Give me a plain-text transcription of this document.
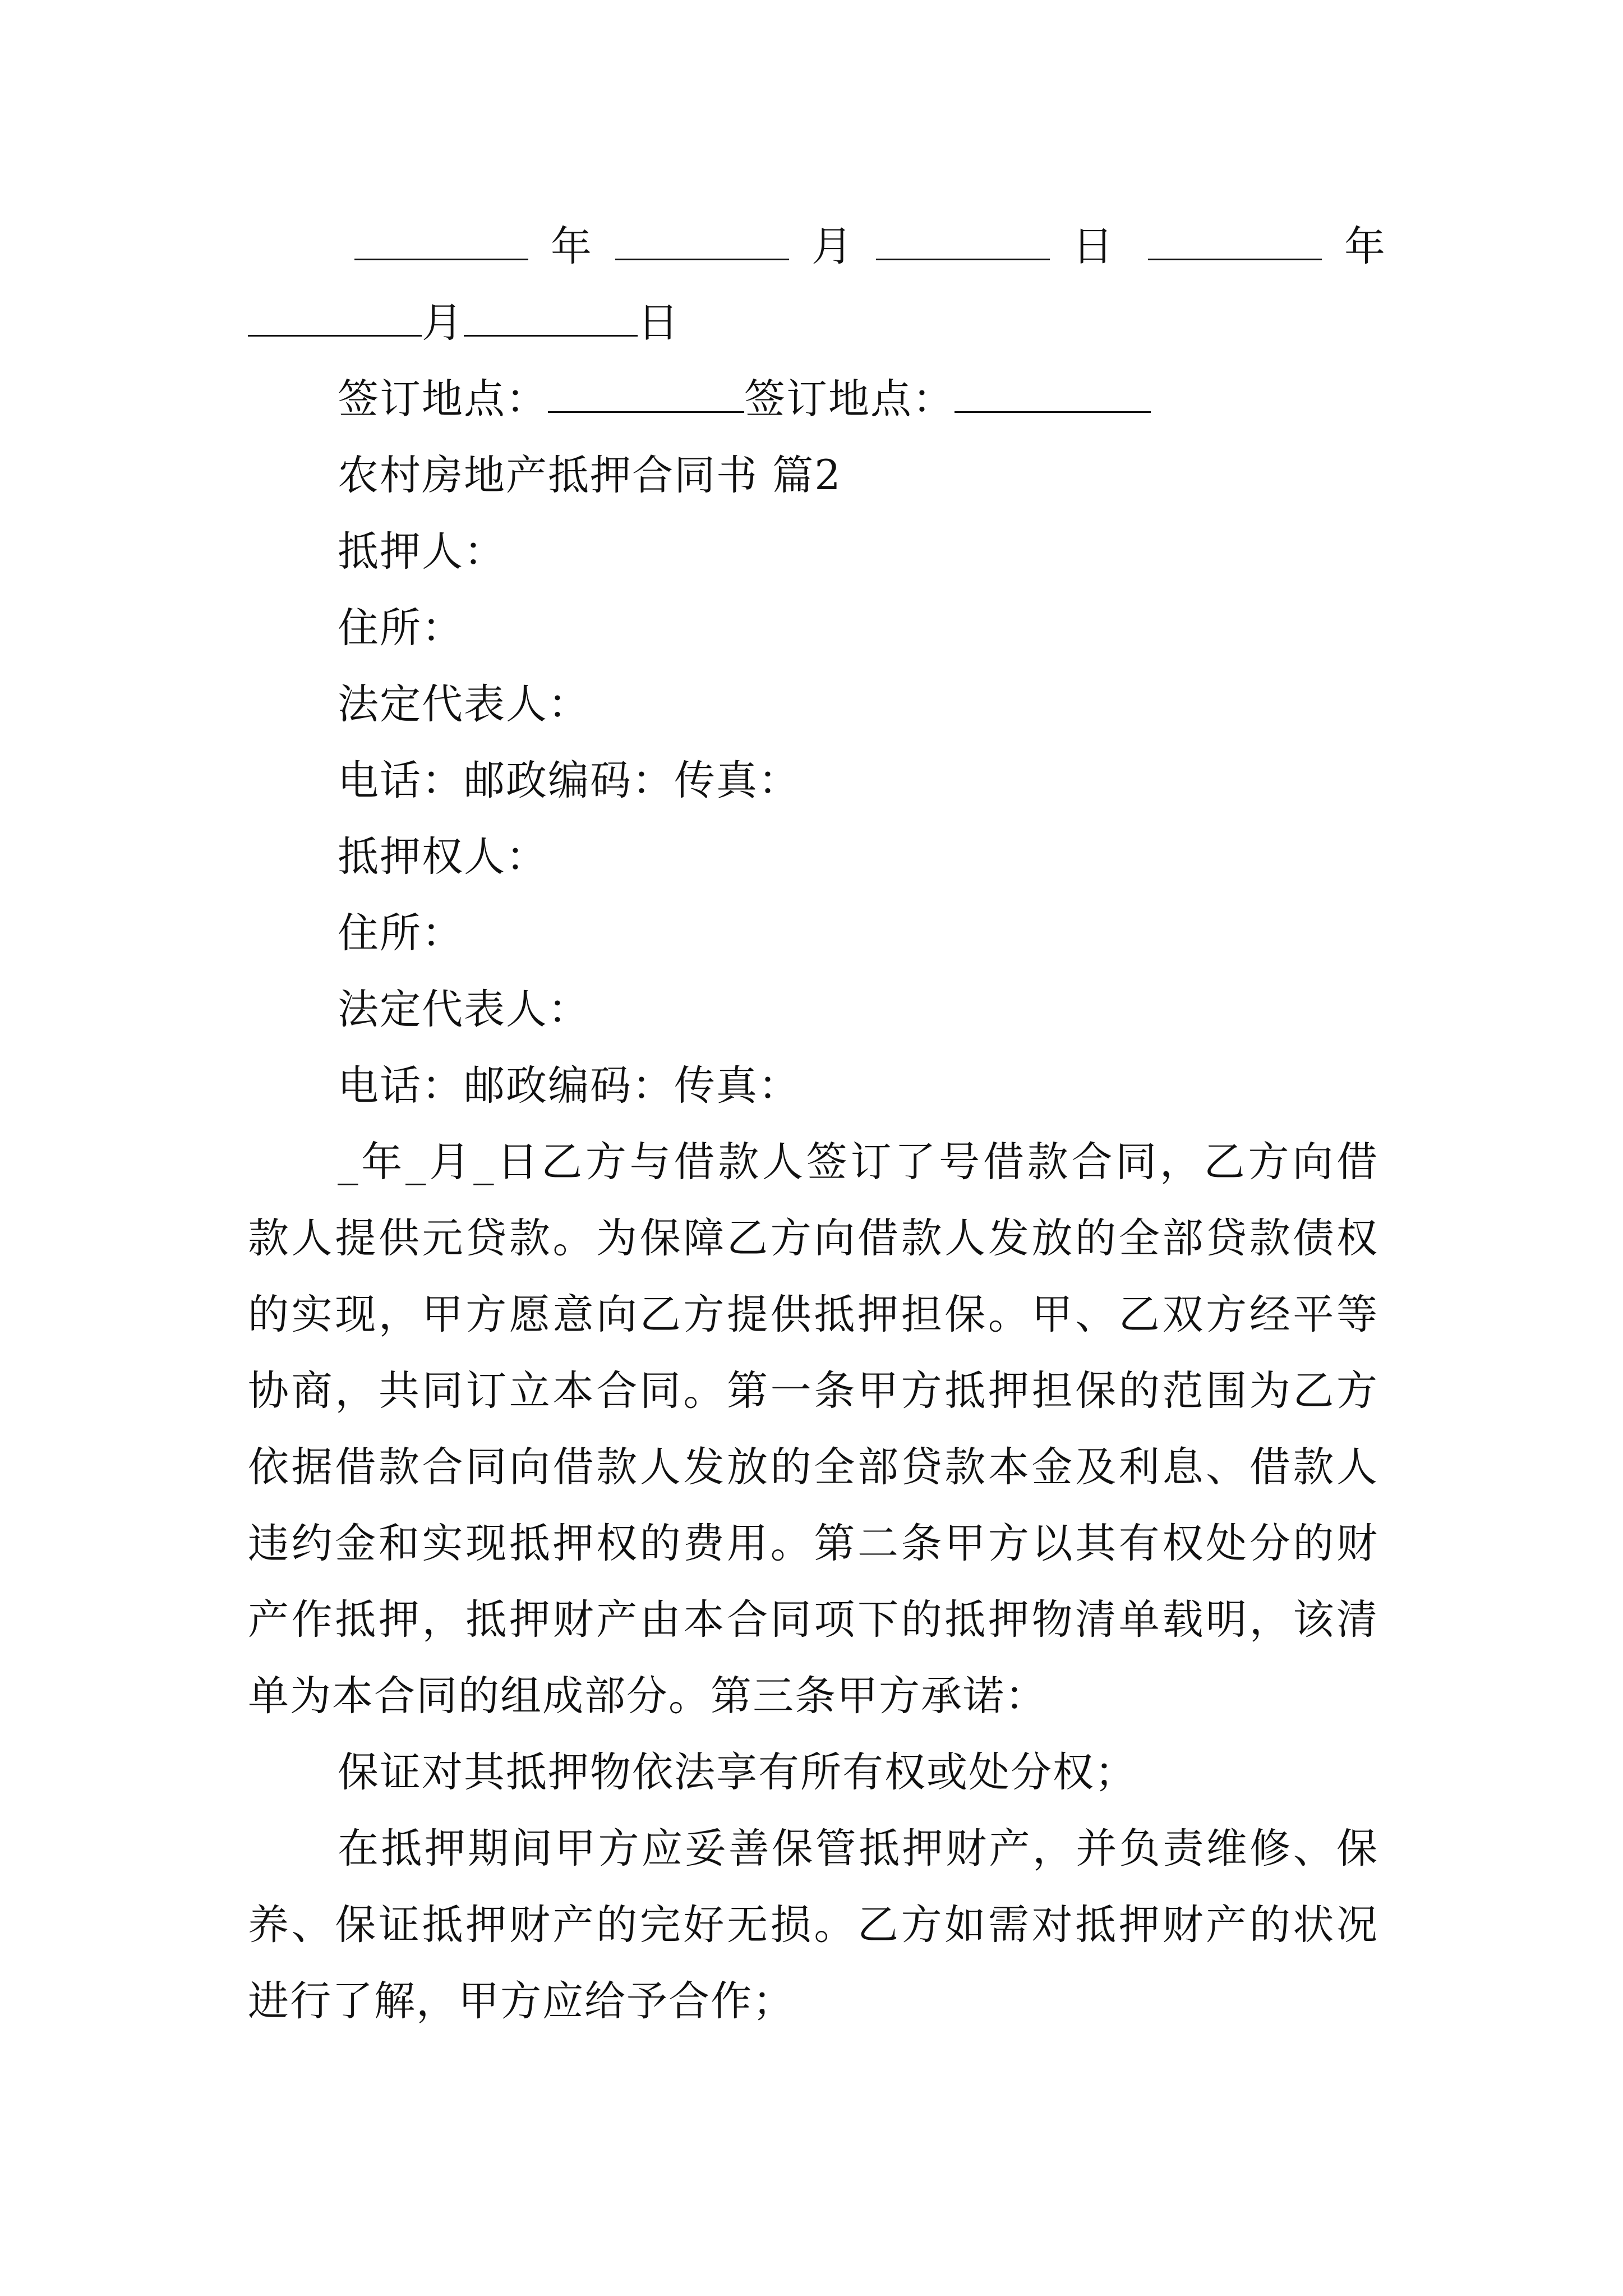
年	月	日	年
月	日
签订地点：	签订地点：
农村房地产抵押合同书 篇2
抵押人：
住所：
法定代表人：
电话：邮政编码：传真：
抵押权人：
住所：
法定代表人：
电话：邮政编码：传真：
_年_月_日乙方与借款人签订了号借款合同，乙方向借
款人提供元贷款。为保障乙方向借款人发放的全部贷款债权
的实现，甲方愿意向乙方提供抵押担保。甲、乙双方经平等
协商，共同订立本合同。第一条甲方抵押担保的范围为乙方
依据借款合同向借款人发放的全部贷款本金及利息、借款人
违约金和实现抵押权的费用。第二条甲方以其有权处分的财
产作抵押，抵押财产由本合同项下的抵押物清单载明，该清
单为本合同的组成部分。第三条甲方承诺：
保证对其抵押物依法享有所有权或处分权；
在抵押期间甲方应妥善保管抵押财产，并负责维修、保
养、保证抵押财产的完好无损。乙方如需对抵押财产的状况
进行了解，甲方应给予合作；
